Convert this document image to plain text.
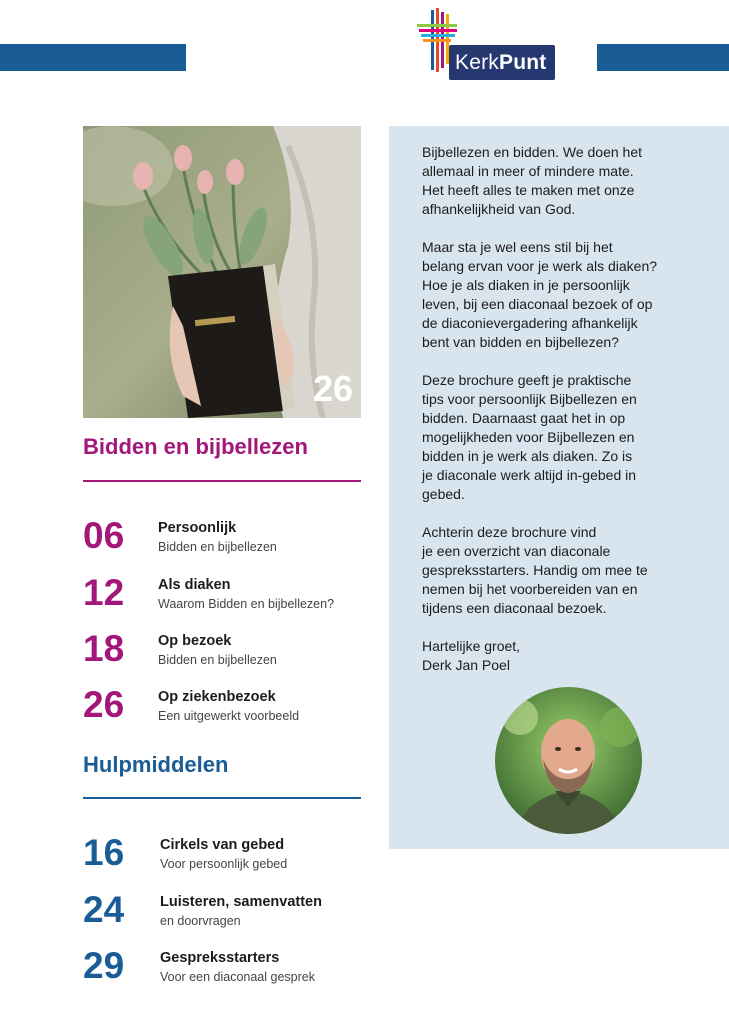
KerkPunt
26
Bidden en bijbellezen
06 Persoonlijk
Bidden en bijbellezen
12 Als diaken
Waarom Bidden en bijbellezen?
18 Op bezoek
Bidden en bijbellezen
26 Op ziekenbezoek
Een uitgewerkt voorbeeld
Hulpmiddelen
16 Cirkels van gebed
Voor persoonlijk gebed
24 Luisteren, samenvatten
en doorvragen
29 Gespreksstarters
Voor een diaconaal gesprek

Bijbellezen en bidden. We doen het
allemaal in meer of mindere mate.
Het heeft alles te maken met onze
afhankelijkheid van God.

Maar sta je wel eens stil bij het
belang ervan voor je werk als diaken?
Hoe je als diaken in je persoonlijk
leven, bij een diaconaal bezoek of op
de diaconievergadering afhankelijk
bent van bidden en bijbellezen?

Deze brochure geeft je praktische
tips voor persoonlijk Bijbellezen en
bidden. Daarnaast gaat het in op
mogelijkheden voor Bijbellezen en
bidden in je werk als diaken. Zo is
je diaconale werk altijd in-gebed in
gebed.

Achterin deze brochure vind
je een overzicht van diaconale
gespreksstarters. Handig om mee te
nemen bij het voorbereiden van en
tijdens een diaconaal bezoek.

Hartelijke groet,
Derk Jan Poel
